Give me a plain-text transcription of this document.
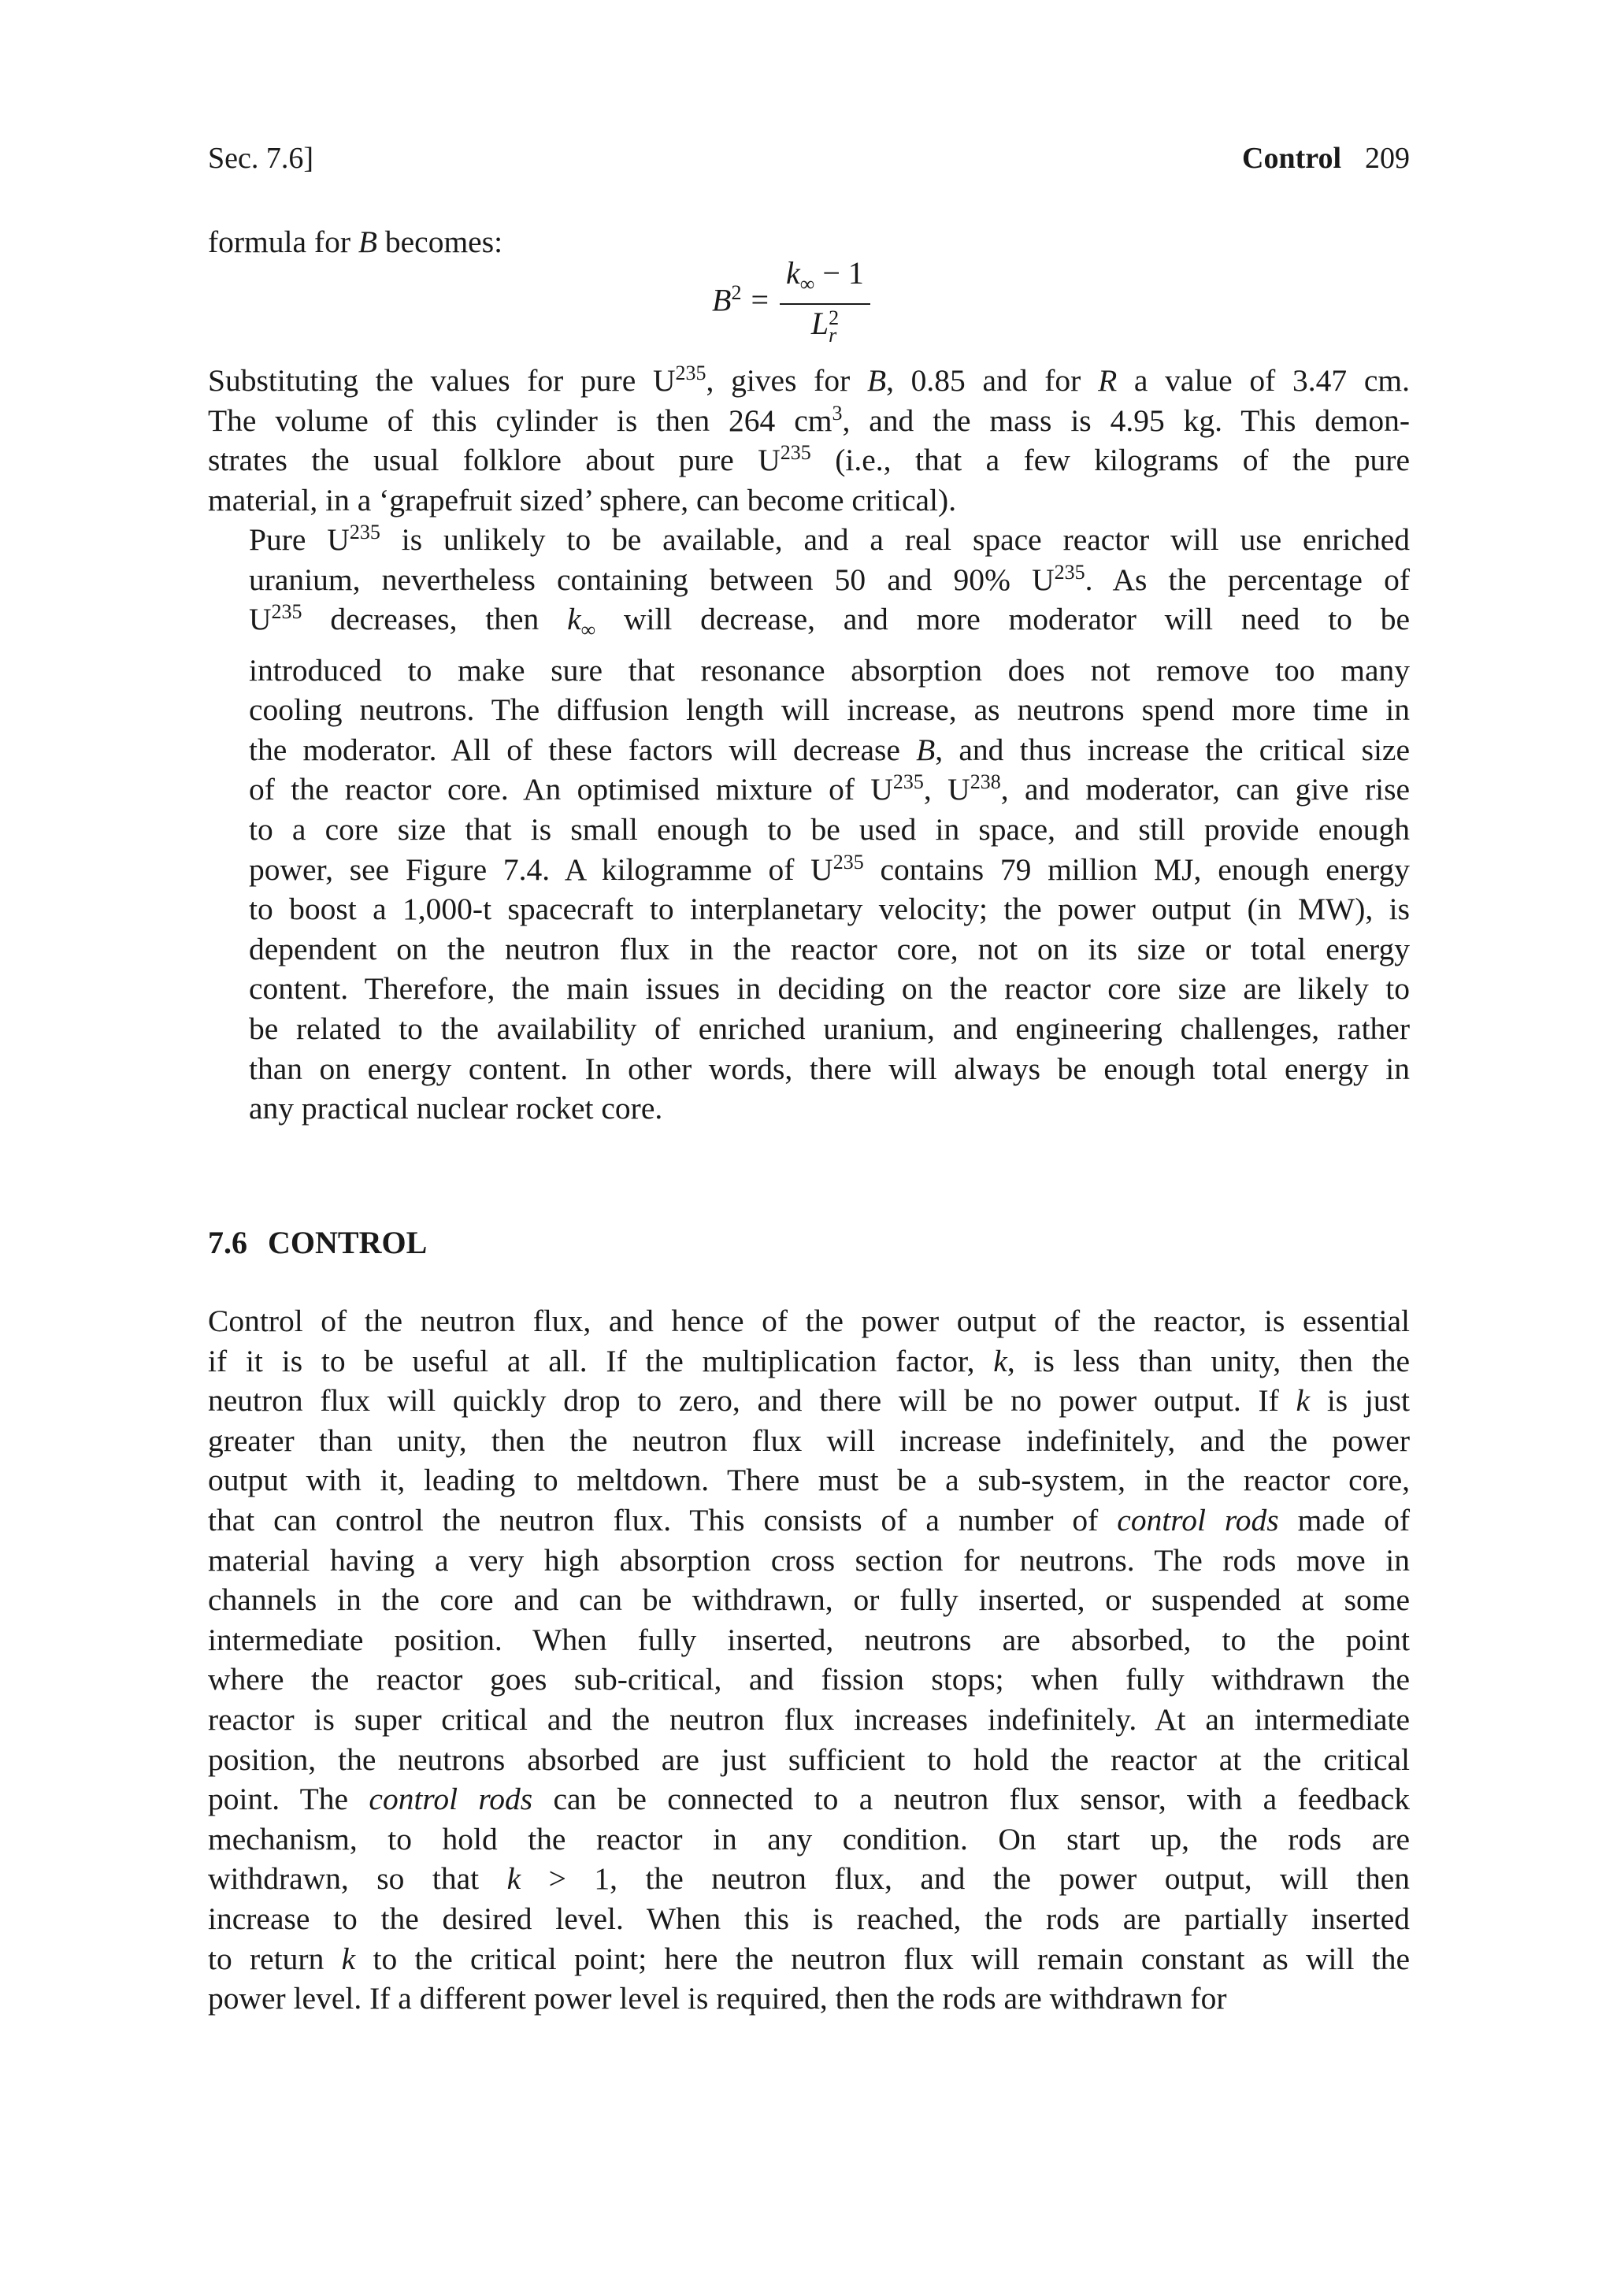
Sec. 7.6]	Control 209

formula for B becomes:

$B^2 = k_\infty - 1$
L 2
r

Substituting the values for pure $U^{235}$, gives for B, 0.85 and for R a value of 3.47 cm.
The volume of this cylinder is then 264 $cm^3$, and the mass is 4.95 kg. This demon-
strates the usual folklore about pure $U^{235}$ (i.e., that a few kilograms of the pure
material, in a ‘grapefruit sized’ sphere, can become critical).

Pure $U^{235}$ is unlikely to be available, and a real space reactor will use enriched
uranium, nevertheless containing between 50 and 90% $U^{235}$. As the percentage of
$U^{235}$ decreases, then $k_\infty$ will decrease, and more moderator will need to be
introduced to make sure that resonance absorption does not remove too many
cooling neutrons. The diffusion length will increase, as neutrons spend more time in
the moderator. All of these factors will decrease B, and thus increase the critical size
of the reactor core. An optimised mixture of $U^{235}$, $U^{238}$, and moderator, can give rise
to a core size that is small enough to be used in space, and still provide enough
power, see Figure 7.4. A kilogramme of $U^{235}$ contains 79 million MJ, enough energy
to boost a 1,000-t spacecraft to interplanetary velocity; the power output (in MW), is
dependent on the neutron flux in the reactor core, not on its size or total energy
content. Therefore, the main issues in deciding on the reactor core size are likely to
be related to the availability of enriched uranium, and engineering challenges, rather
than on energy content. In other words, there will always be enough total energy in
any practical nuclear rocket core.

7.6 CONTROL

Control of the neutron flux, and hence of the power output of the reactor, is essential
if it is to be useful at all. If the multiplication factor, k, is less than unity, then the
neutron flux will quickly drop to zero, and there will be no power output. If k is just
greater than unity, then the neutron flux will increase indefinitely, and the power
output with it, leading to meltdown. There must be a sub-system, in the reactor core,
that can control the neutron flux. This consists of a number of control rods made of
material having a very high absorption cross section for neutrons. The rods move in
channels in the core and can be withdrawn, or fully inserted, or suspended at some
intermediate position. When fully inserted, neutrons are absorbed, to the point
where the reactor goes sub-critical, and fission stops; when fully withdrawn the
reactor is super critical and the neutron flux increases indefinitely. At an intermediate
position, the neutrons absorbed are just sufficient to hold the reactor at the critical
point. The control rods can be connected to a neutron flux sensor, with a feedback
mechanism, to hold the reactor in any condition. On start up, the rods are
withdrawn, so that k > 1, the neutron flux, and the power output, will then
increase to the desired level. When this is reached, the rods are partially inserted
to return k to the critical point; here the neutron flux will remain constant as will the
power level. If a different power level is required, then the rods are withdrawn for
